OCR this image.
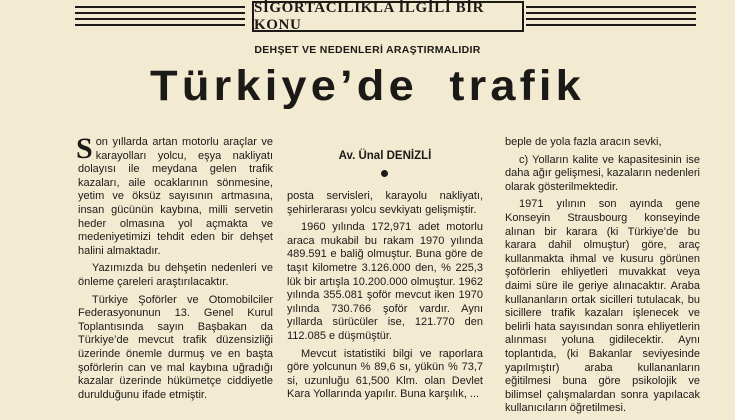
SİGORTACILIKLA İLGİLİ BİR KONU
DEHŞET VE NEDENLERİ ARAŞTIRMALIDIR
Türkiye’de trafik

Son yıllarda artan motorlu araçlar ve karayolları yolcu, eşya nakliyatı dolayısı ile meydana gelen trafik kazaları, aile ocaklarının sönmesine, yetim ve öksüz sayısının artmasına, insan gücünün kaybına, milli servetin heder olmasına yol açmakta ve medeniyetimizi tehdit eden bir dehşet halini almaktadır.

Yazımızda bu dehşetin nedenleri ve önleme çareleri araştırılacaktır.

Türkiye Şoförler ve Otomobilciler Federasyonunun 13. Genel Kurul Toplantısında sayın Başbakan da Türkiye’de mevcut trafik düzensizliği üzerinde önemle durmuş ve en başta şoförlerin can ve mal kaybına uğradığı kazalar üzerinde hükümetçe ciddiyetle durulduğunu ifade etmiştir.

Av. Ünal DENİZLİ

posta servisleri, karayolu nakliyatı, şehirlerarası yolcu sevkiyatı gelişmiştir.

1960 yılında 172,971 adet motorlu araca mukabil bu rakam 1970 yılında 489.591 e baliğ olmuştur. Buna göre de taşıt kilometre 3.126.000 den, % 225,3 lük bir artışla 10.200.000 olmuştur. 1962 yılında 355.081 şoför mevcut iken 1970 yılında 730.766 şoför vardır. Aynı yıllarda sürücüler ise, 121.770 den 112.085 e düşmüştür.

Mevcut istatistiki bilgi ve raporlara göre yolcunun % 89,6 sı, yükün % 73,7 si, uzunluğu 61,500 Klm. olan Devlet Kara Yollarında yapılır. Buna karşılık, ...

beple de yola fazla aracın sevki,

c) Yolların kalite ve kapasitesinin ise daha ağır gelişmesi, kazaların nedenleri olarak gösterilmektedir.

1971 yılının son ayında gene Konseyin Strausbourg konseyinde alınan bir karara (ki Türkiye’de bu karara dahil olmuştur) göre, araç kullanmakta ihmal ve kusuru görünen şoförlerin ehliyetleri muvakkat veya daimi süre ile geriye alınacaktır. Araba kullananların ortak sicilleri tutulacak, bu sicillere trafik kazaları işlenecek ve belirli hata sayısından sonra ehliyetlerin alınması yoluna gidilecektir. Aynı toplantıda, (ki Bakanlar seviyesinde yapılmıştır) araba kullananların eğitilmesi buna göre psikolojik ve bilimsel çalışmalardan sonra yapılacak kullanıcıların öğretilmesi.
